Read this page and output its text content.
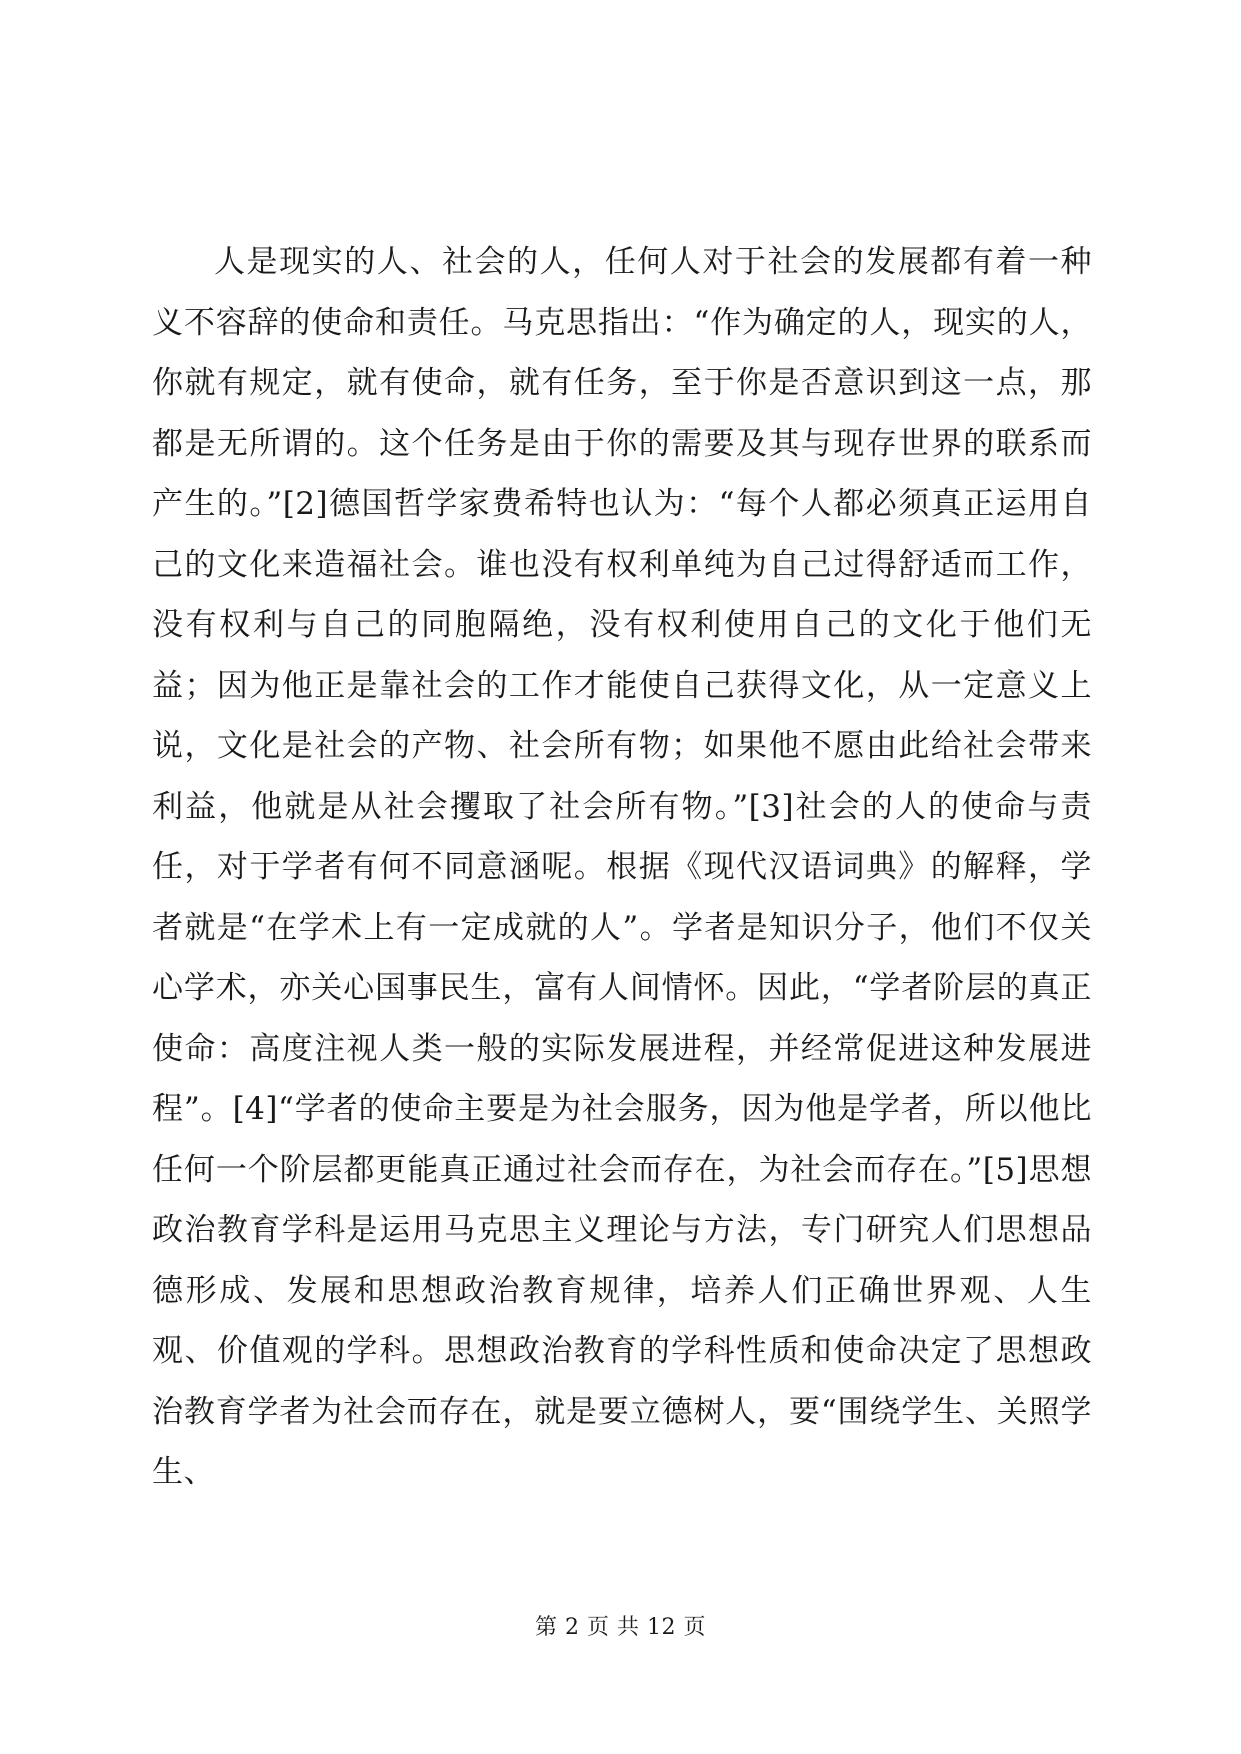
人是现实的人、社会的人，任何人对于社会的发展都有着一种义不容辞的使命和责任。马克思指出：“作为确定的人，现实的人，你就有规定，就有使命，就有任务，至于你是否意识到这一点，那都是无所谓的。这个任务是由于你的需要及其与现存世界的联系而产生的。”[2]德国哲学家费希特也认为：“每个人都必须真正运用自己的文化来造福社会。谁也没有权利单纯为自己过得舒适而工作，没有权利与自己的同胞隔绝，没有权利使用自己的文化于他们无益；因为他正是靠社会的工作才能使自己获得文化，从一定意义上说，文化是社会的产物、社会所有物；如果他不愿由此给社会带来利益，他就是从社会攫取了社会所有物。”[3]社会的人的使命与责任，对于学者有何不同意涵呢。根据《现代汉语词典》的解释，学者就是“在学术上有一定成就的人”。学者是知识分子，他们不仅关心学术，亦关心国事民生，富有人间情怀。因此，“学者阶层的真正使命：高度注视人类一般的实际发展进程，并经常促进这种发展进程”。[4]“学者的使命主要是为社会服务，因为他是学者，所以他比任何一个阶层都更能真正通过社会而存在，为社会而存在。”[5]思想政治教育学科是运用马克思主义理论与方法，专门研究人们思想品德形成、发展和思想政治教育规律，培养人们正确世界观、人生观、价值观的学科。思想政治教育的学科性质和使命决定了思想政治教育学者为社会而存在，就是要立德树人，要“围绕学生、关照学生、

第 2 页 共 12 页
